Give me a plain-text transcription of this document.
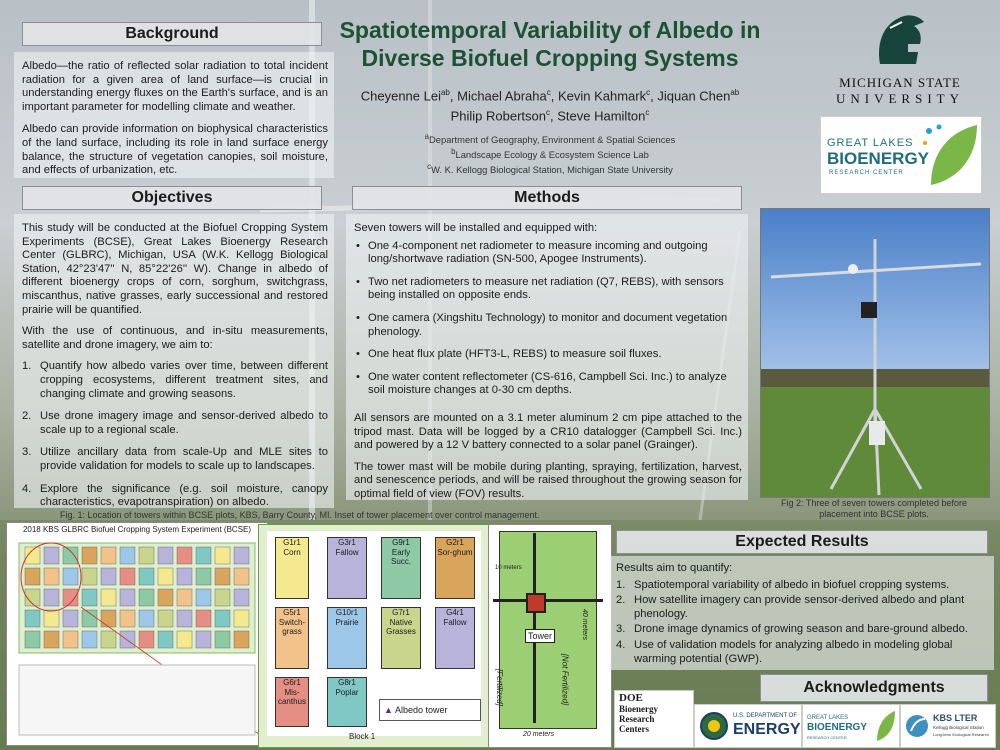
Spatiotemporal Variability of Albedo in
Diverse Biofuel Cropping Systems
Cheyenne Lei$^{ab}$, Michael Abraha$^c$, Kevin Kahmark$^c$, Jiquan Chen$^{ab}$
Philip Robertson$^c$, Steve Hamilton$^c$
$^a$Department of Geography, Environment & Spatial Sciences
$^b$Landscape Ecology & Ecosystem Science Lab
$^c$W. K. Kellogg Biological Station, Michigan State University
MICHIGAN STATE
UNIVERSITY
GREAT LAKES
BIOENERGY
RESEARCH CENTER
Background

Albedo—the ratio of reflected solar radiation to total incident radiation for a given area of land surface—is crucial in understanding energy fluxes on the Earth's surface, and is an important parameter for modelling climate and weather.

Albedo can provide information on biophysical characteristics of the land surface, including its role in land surface energy balance, the structure of vegetation canopies, soil moisture, and effects of urbanization, etc.

Objectives

This study will be conducted at the Biofuel Cropping System Experiments (BCSE), Great Lakes Bioenergy Research Center (GLBRC), Michigan, USA (W.K. Kellogg Biological Station, 42°23'47'' N, 85°22'26'' W). Change in albedo of different bioenergy crops of corn, sorghum, switchgrass, miscanthus, native grasses, early successional and restored prairie will be quantified.

With the use of continuous, and in-situ measurements, satellite and drone imagery, we aim to:

1. Quantify how albedo varies over time, between different cropping ecosystems, different treatment sites, and changing climate and growing seasons.
2. Use drone imagery image and sensor-derived albedo to scale up to a regional scale.
3. Utilize ancillary data from scale-Up and MLE sites to provide validation for models to scale up to landscapes.
4. Explore the significance (e.g. soil moisture, canopy characteristics, evapotranspiration) on albedo.
Methods

Seven towers will be installed and equipped with:

• One 4-component net radiometer to measure incoming and outgoing long/shortwave radiation (SN-500, Apogee Instruments).
• Two net radiometers to measure net radiation (Q7, REBS), with sensors being installed on opposite ends.
• One camera (Xingshitu Technology) to monitor and document vegetation phenology.
• One heat flux plate (HFT3-L, REBS) to measure soil fluxes.
• One water content reflectometer (CS-616, Campbell Sci. Inc.) to analyze soil moisture changes at 0-30 cm depths.

All sensors are mounted on a 3.1 meter aluminum 2 cm pipe attached to the tripod mast. Data will be logged by a CR10 datalogger (Campbell Sci. Inc.) and powered by a 12 V battery connected to a solar panel (Grainger).

The tower mast will be mobile during planting, spraying, fertilization, harvest, and senescence periods, and will be raised throughout the growing season for optimal field of view (FOV) results.

Fig 2: Three of seven towers completed before
placement into BCSE plots.
Fig. 1: Location of towers within BCSE plots, KBS, Barry County, MI. Inset of tower placement over control management.
2018 KBS GLBRC Biofuel Cropping System Experiment (BCSE)
G1r1
Corn
G3r1
Fallow
G9r1
Early Succ.
G2r1
Sor-ghum
G5r1
Switch-grass
G10r1
Prairie
G7r1
Native Grasses
G4r1
Fallow
G6r1
Mis-canthus
G8r1
Poplar
▲ Albedo tower
Block 1
Tower
10 meters
[Fertilized]	[Not Fertilized]
40 meters
20 meters
Expected Results

Results aim to quantify:

1. Spatiotemporal variability of albedo in biofuel cropping systems.
2. How satellite imagery can provide sensor-derived albedo and plant phenology.
3. Drone image dynamics of growing season and bare-ground albedo.
4. Use of validation models for analyzing albedo in modeling global warming potential (GWP).
Acknowledgments
DOE
Bioenergy
Research
Centers
U.S. DEPARTMENT OF
ENERGY
GREAT LAKES
BIOENERGY
RESEARCH CENTER
KBS LTER
Kellogg Biological Station
Long-term Ecological Research
